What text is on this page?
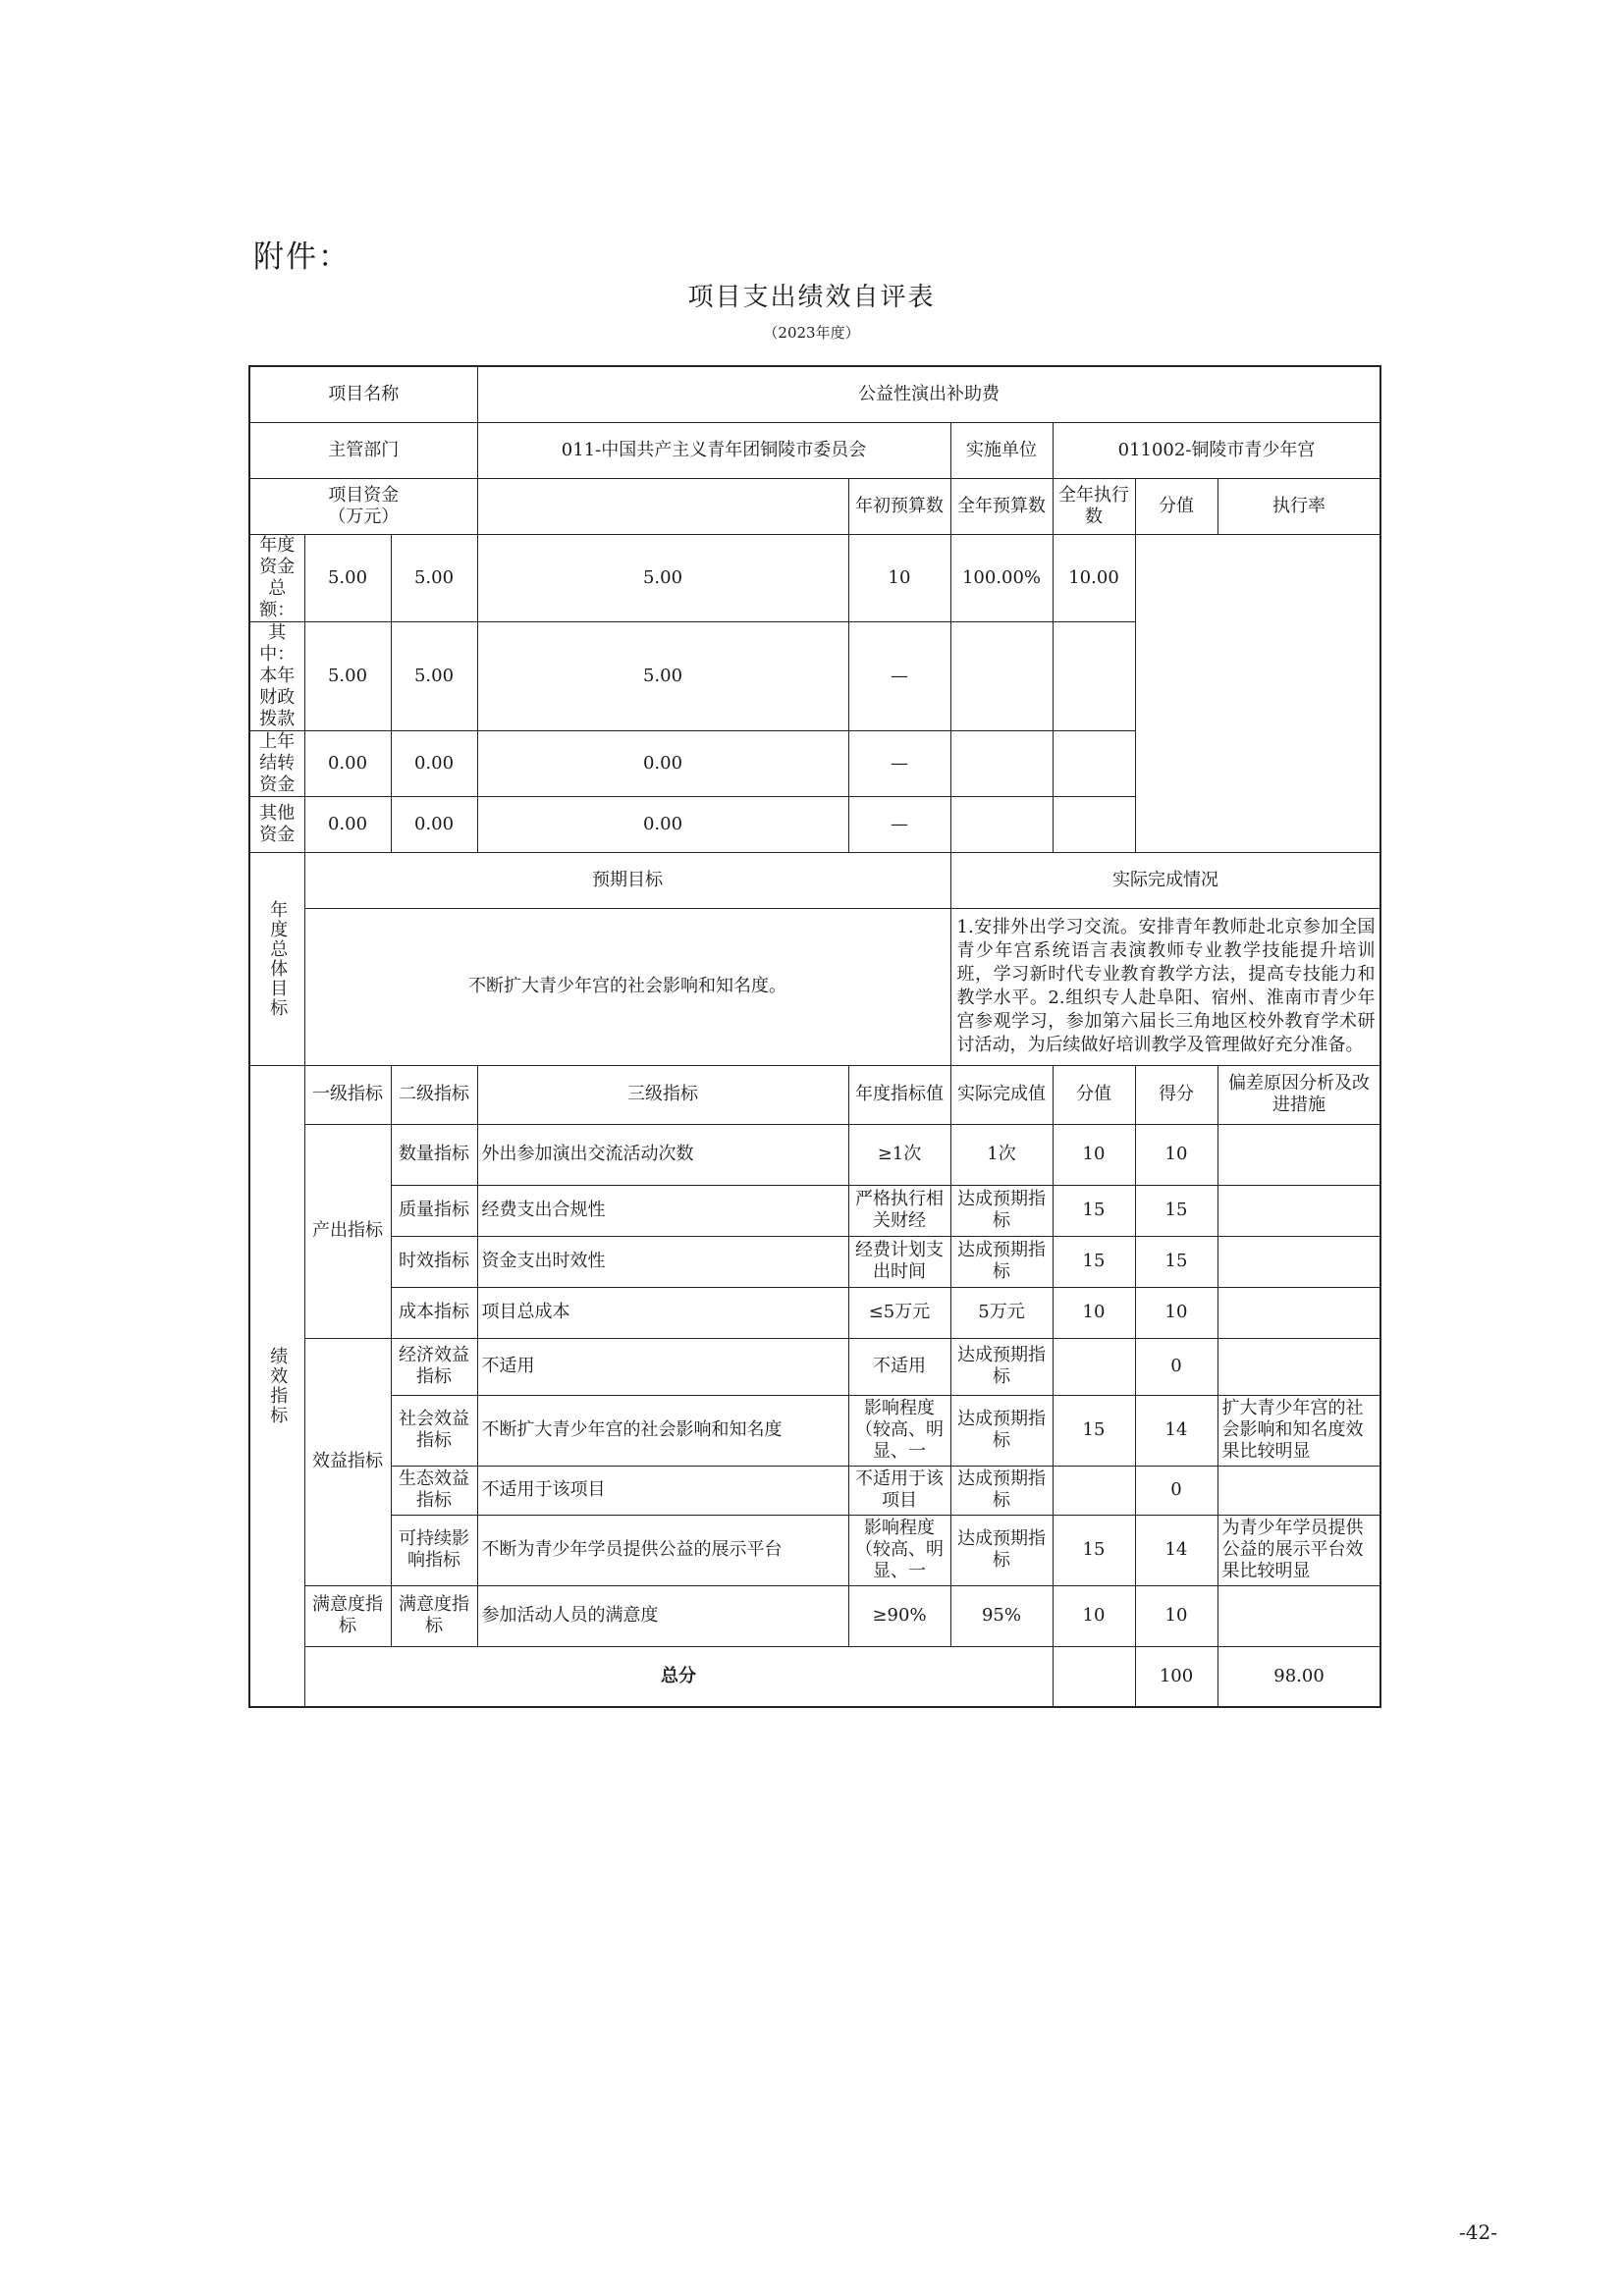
附件：
项目支出绩效自评表
（2023年度）
项目名称			公益性演出补助费						
主管部门			011-中国共产主义青年团铜陵市委员会		实施单位	011002-铜陵市青少年宫			

项目资金
（万元）				年初预算数	全年预算数	全年执行数	分值	执行率	
年度资金总额：	5.00	5.00	5.00	10	100.00%	10.00			
其中：本年财政拨款	5.00	5.00	5.00	—					
上年结转资金	0.00	0.00	0.00	—					
其他资金	0.00	0.00	0.00	—					
年度总体目标	预期目标				实际完成情况				
	不断扩大青少年宫的社会影响和知名度。				1.安排外出学习交流。安排青年教师赴北京参加全国青少年宫系统语言表演教师专业教学技能提升培训班，学习新时代专业教育教学方法，提高专技能力和教学水平。2.组织专人赴阜阳、宿州、淮南市青少年宫参观学习，参加第六届长三角地区校外教育学术研讨活动，为后续做好培训教学及管理做好充分准备。				

绩效指标	一级指标	二级指标	三级指标	年度指标值	实际完成值	分值	得分	偏差原因分析及改进措施	
	产出指标	数量指标	外出参加演出交流活动次数	≥1次	1次	10	10		

		质量指标	经费支出合规性	严格执行相关财经	达成预期指标	15	15		

		时效指标	资金支出时效性	经费计划支出时间	达成预期指标	15	15		

		成本指标	项目总成本	≤5万元	5万元	10	10		

	效益指标	经济效益指标	不适用	不适用	达成预期指标		0		

		社会效益指标	不断扩大青少年宫的社会影响和知名度	影响程度（较高、明显、一	达成预期指标	15	14	扩大青少年宫的社会影响和知名度效果比较明显	

		生态效益指标	不适用于该项目	不适用于该项目	达成预期指标		0		

		可持续影响指标	不断为青少年学员提供公益的展示平台	影响程度（较高、明显、一	达成预期指标	15	14	为青少年学员提供公益的展示平台效果比较明显	

	满意度指标	满意度指标	参加活动人员的满意度	≥90%	95%	10	10		
	总分						100	98.00	
-42-
